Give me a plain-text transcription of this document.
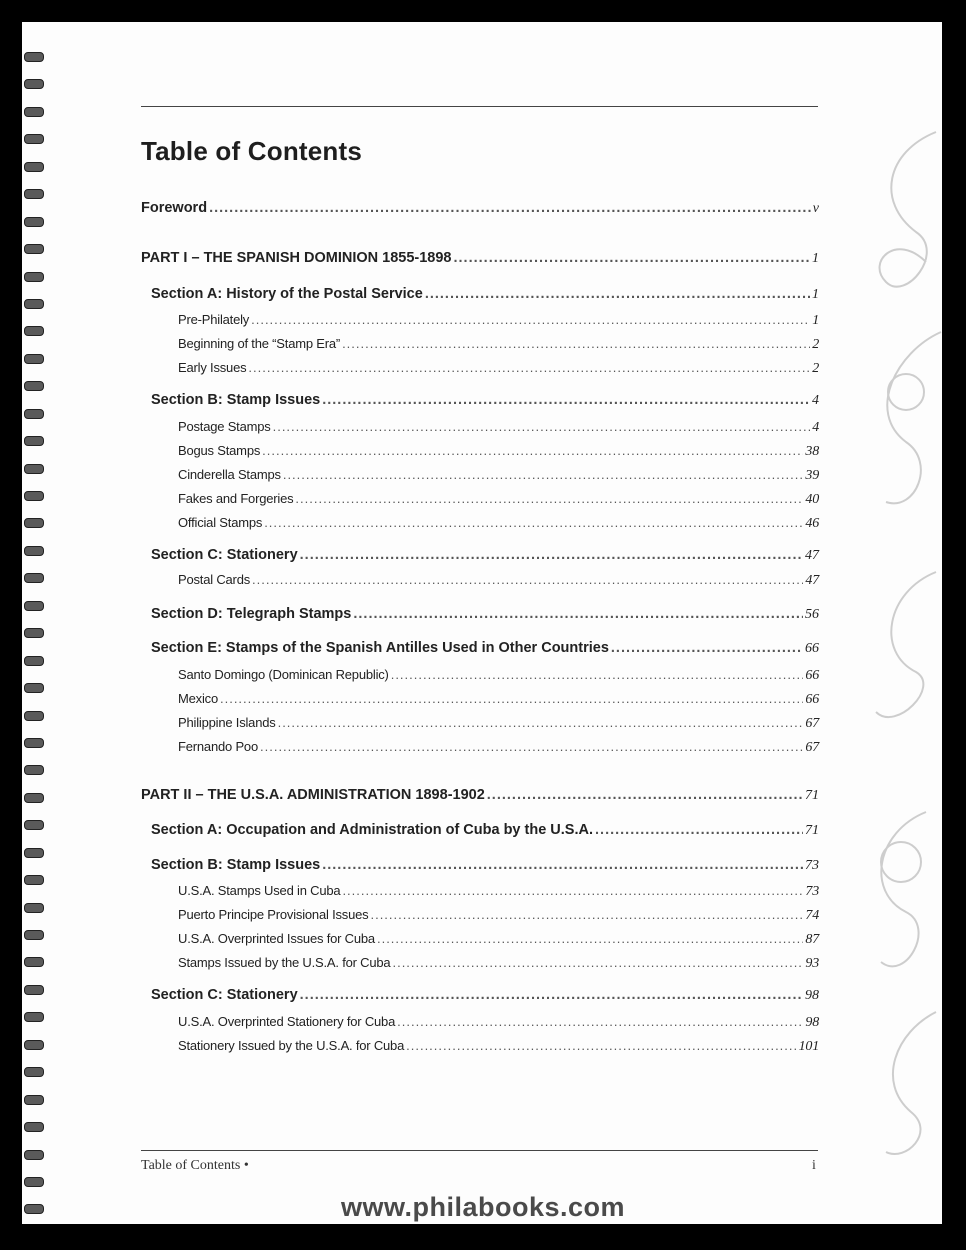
Table of Contents
Foreword .....	v
PART I – THE SPANISH DOMINION 1855-1898 .....	1
Section A: History of the Postal Service .....	1
Pre-Philately .....	1
Beginning of the “Stamp Era” .....	2
Early Issues .....	2
Section B: Stamp Issues .....	4
Postage Stamps .....	4
Bogus Stamps .....	38
Cinderella Stamps .....	39
Fakes and Forgeries .....	40
Official Stamps .....	46
Section C: Stationery .....	47
Postal Cards .....	47
Section D: Telegraph Stamps .....	56
Section E: Stamps of the Spanish Antilles Used in Other Countries .....	66
Santo Domingo (Dominican Republic) .....	66
Mexico .....	66
Philippine Islands .....	67
Fernando Poo .....	67
PART II – THE U.S.A. ADMINISTRATION 1898-1902 .....	71
Section A: Occupation and Administration of Cuba by the U.S.A. .....	71
Section B: Stamp Issues .....	73
U.S.A. Stamps Used in Cuba .....	73
Puerto Principe Provisional Issues .....	74
U.S.A. Overprinted Issues for Cuba .....	87
Stamps Issued by the U.S.A. for Cuba .....	93
Section C: Stationery .....	98
U.S.A. Overprinted Stationery for Cuba .....	98
Stationery Issued by the U.S.A. for Cuba .....	101
Table of Contents •	i
www.philabooks.com
